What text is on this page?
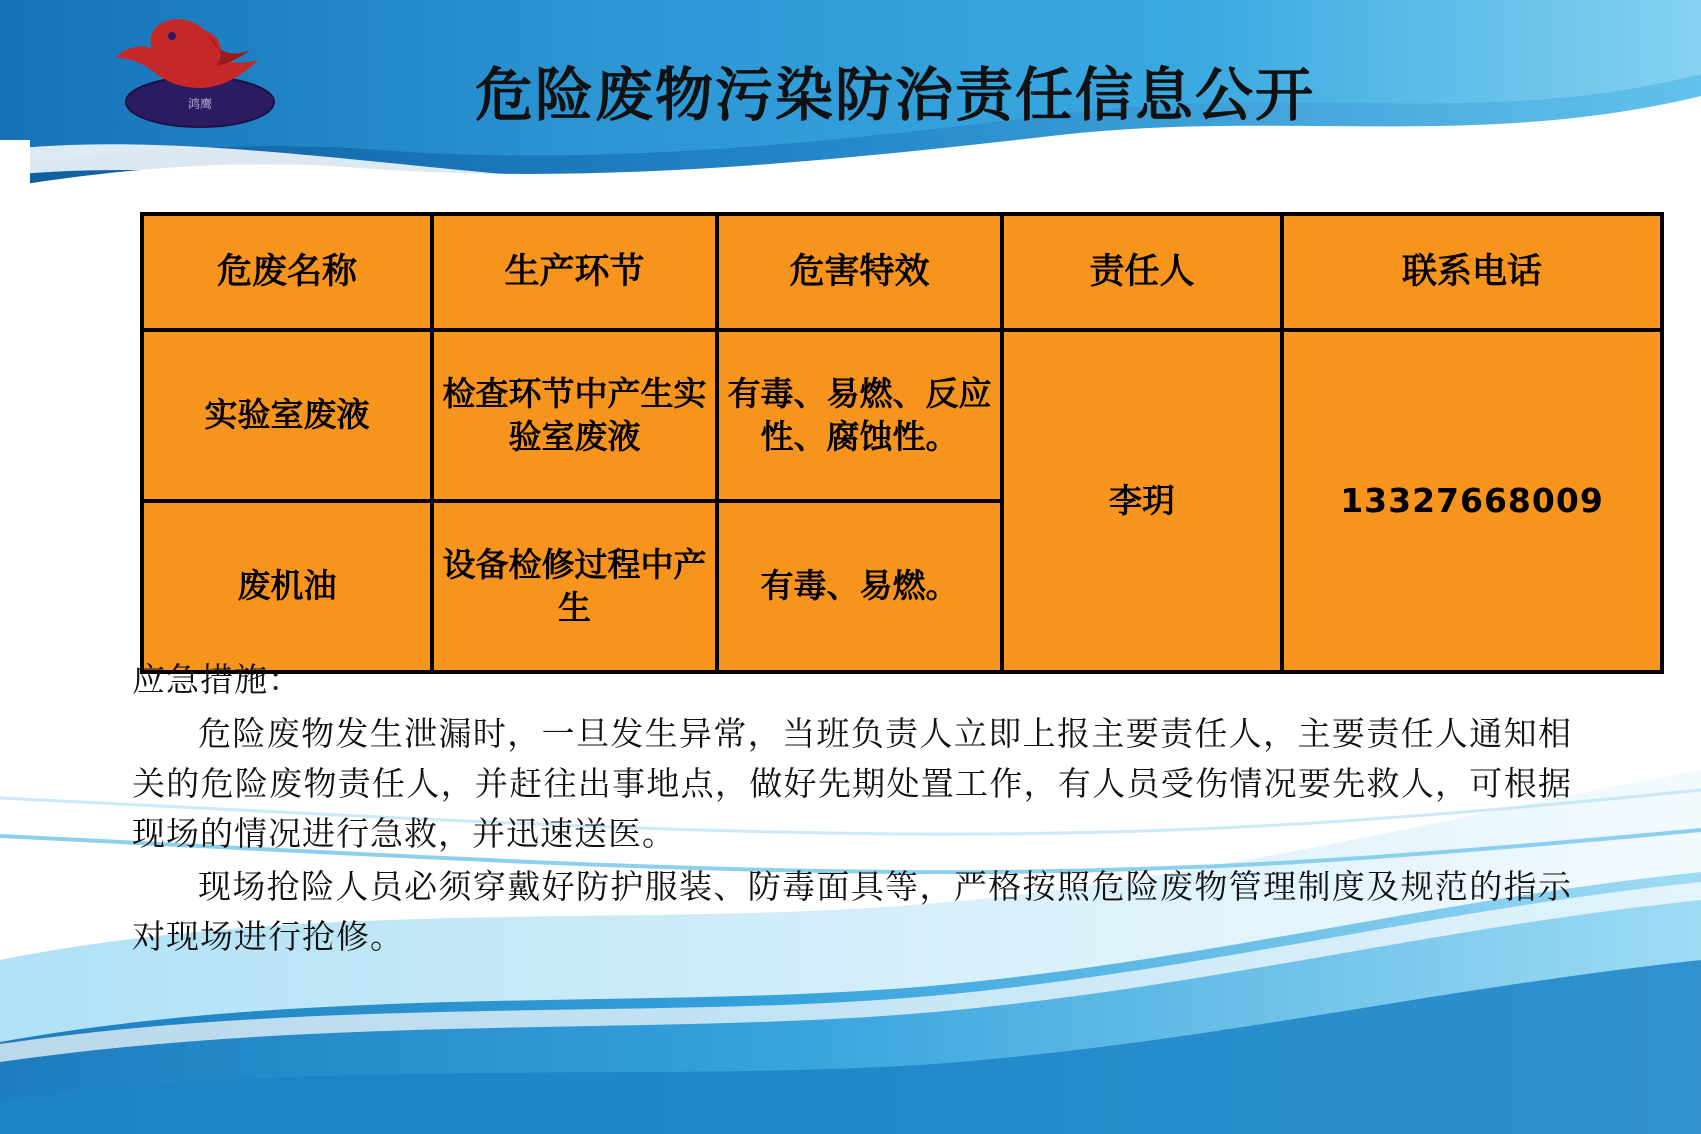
鸿鹰	危险废物污染防治责任信息公开
危废名称	生产环节	危害特效	责任人	联系电话
实验室废液	检查环节中产生实验室废液	有毒、易燃、反应性、腐蚀性。	李玥	13327668009
废机油	设备检修过程中产生	有毒、易燃。		
应急措施：

危险废物发生泄漏时，一旦发生异常，当班负责人立即上报主要责任人，主要责任人通知相关的危险废物责任人，并赶往出事地点，做好先期处置工作，有人员受伤情况要先救人，可根据现场的情况进行急救，并迅速送医。

现场抢险人员必须穿戴好防护服装、防毒面具等，严格按照危险废物管理制度及规范的指示对现场进行抢修。
